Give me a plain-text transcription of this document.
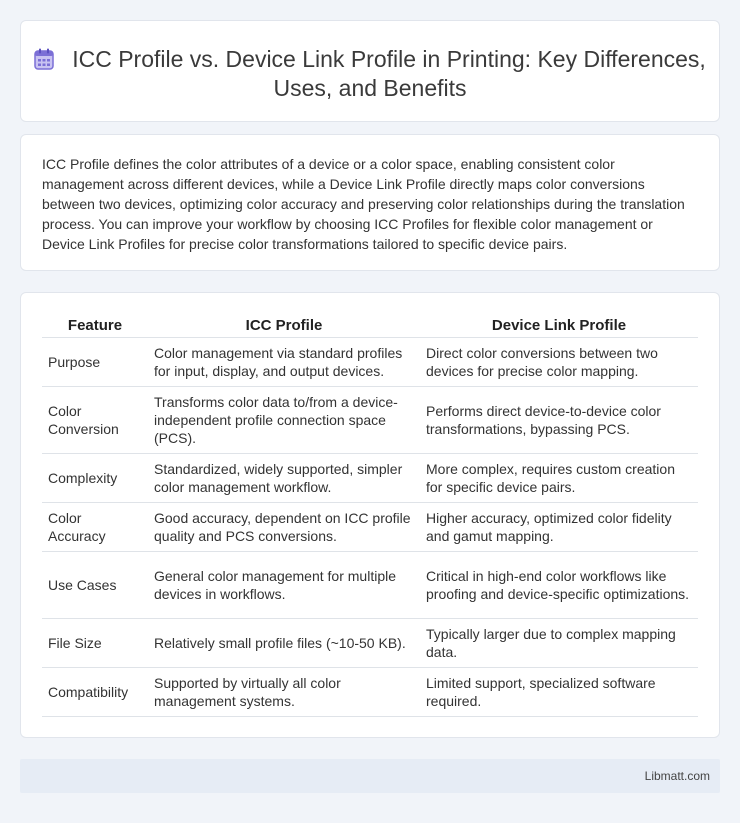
ICC Profile vs. Device Link Profile in Printing: Key Differences, Uses, and Benefits

ICC Profile defines the color attributes of a device or a color space, enabling consistent color management across different devices, while a Device Link Profile directly maps color conversions between two devices, optimizing color accuracy and preserving color relationships during the translation process. You can improve your workflow by choosing ICC Profiles for flexible color management or Device Link Profiles for precise color transformations tailored to specific device pairs.

Feature	ICC Profile	Device Link Profile
Purpose	Color management via standard profiles for input, display, and output devices.	Direct color conversions between two devices for precise color mapping.
Color Conversion	Transforms color data to/from a device-independent profile connection space (PCS).	Performs direct device-to-device color transformations, bypassing PCS.
Complexity	Standardized, widely supported, simpler color management workflow.	More complex, requires custom creation for specific device pairs.
Color Accuracy	Good accuracy, dependent on ICC profile quality and PCS conversions.	Higher accuracy, optimized color fidelity and gamut mapping.
Use Cases	General color management for multiple devices in workflows.	Critical in high-end color workflows like proofing and device-specific optimizations.
File Size	Relatively small profile files (~10-50 KB).	Typically larger due to complex mapping data.
Compatibility	Supported by virtually all color management systems.	Limited support, specialized software required.
Libmatt.com
